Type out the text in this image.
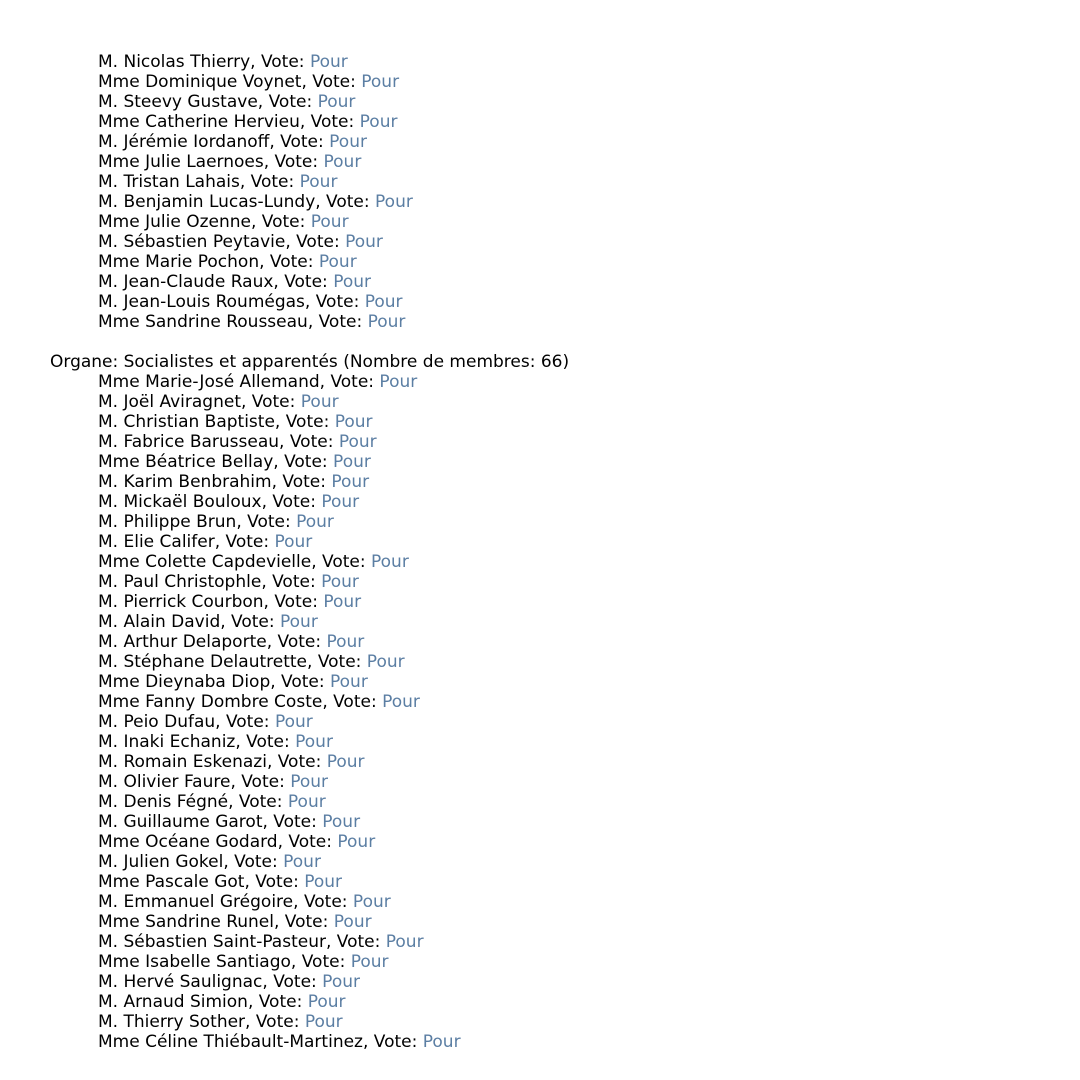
M. Nicolas Thierry, Vote: Pour
Mme Dominique Voynet, Vote: Pour
M. Steevy Gustave, Vote: Pour
Mme Catherine Hervieu, Vote: Pour
M. Jérémie Iordanoff, Vote: Pour
Mme Julie Laernoes, Vote: Pour
M. Tristan Lahais, Vote: Pour
M. Benjamin Lucas-Lundy, Vote: Pour
Mme Julie Ozenne, Vote: Pour
M. Sébastien Peytavie, Vote: Pour
Mme Marie Pochon, Vote: Pour
M. Jean-Claude Raux, Vote: Pour
M. Jean-Louis Roumégas, Vote: Pour
Mme Sandrine Rousseau, Vote: Pour
Organe: Socialistes et apparentés (Nombre de membres: 66)
Mme Marie-José Allemand, Vote: Pour
M. Joël Aviragnet, Vote: Pour
M. Christian Baptiste, Vote: Pour
M. Fabrice Barusseau, Vote: Pour
Mme Béatrice Bellay, Vote: Pour
M. Karim Benbrahim, Vote: Pour
M. Mickaël Bouloux, Vote: Pour
M. Philippe Brun, Vote: Pour
M. Elie Califer, Vote: Pour
Mme Colette Capdevielle, Vote: Pour
M. Paul Christophle, Vote: Pour
M. Pierrick Courbon, Vote: Pour
M. Alain David, Vote: Pour
M. Arthur Delaporte, Vote: Pour
M. Stéphane Delautrette, Vote: Pour
Mme Dieynaba Diop, Vote: Pour
Mme Fanny Dombre Coste, Vote: Pour
M. Peio Dufau, Vote: Pour
M. Inaki Echaniz, Vote: Pour
M. Romain Eskenazi, Vote: Pour
M. Olivier Faure, Vote: Pour
M. Denis Fégné, Vote: Pour
M. Guillaume Garot, Vote: Pour
Mme Océane Godard, Vote: Pour
M. Julien Gokel, Vote: Pour
Mme Pascale Got, Vote: Pour
M. Emmanuel Grégoire, Vote: Pour
Mme Sandrine Runel, Vote: Pour
M. Sébastien Saint-Pasteur, Vote: Pour
Mme Isabelle Santiago, Vote: Pour
M. Hervé Saulignac, Vote: Pour
M. Arnaud Simion, Vote: Pour
M. Thierry Sother, Vote: Pour
Mme Céline Thiébault-Martinez, Vote: Pour
